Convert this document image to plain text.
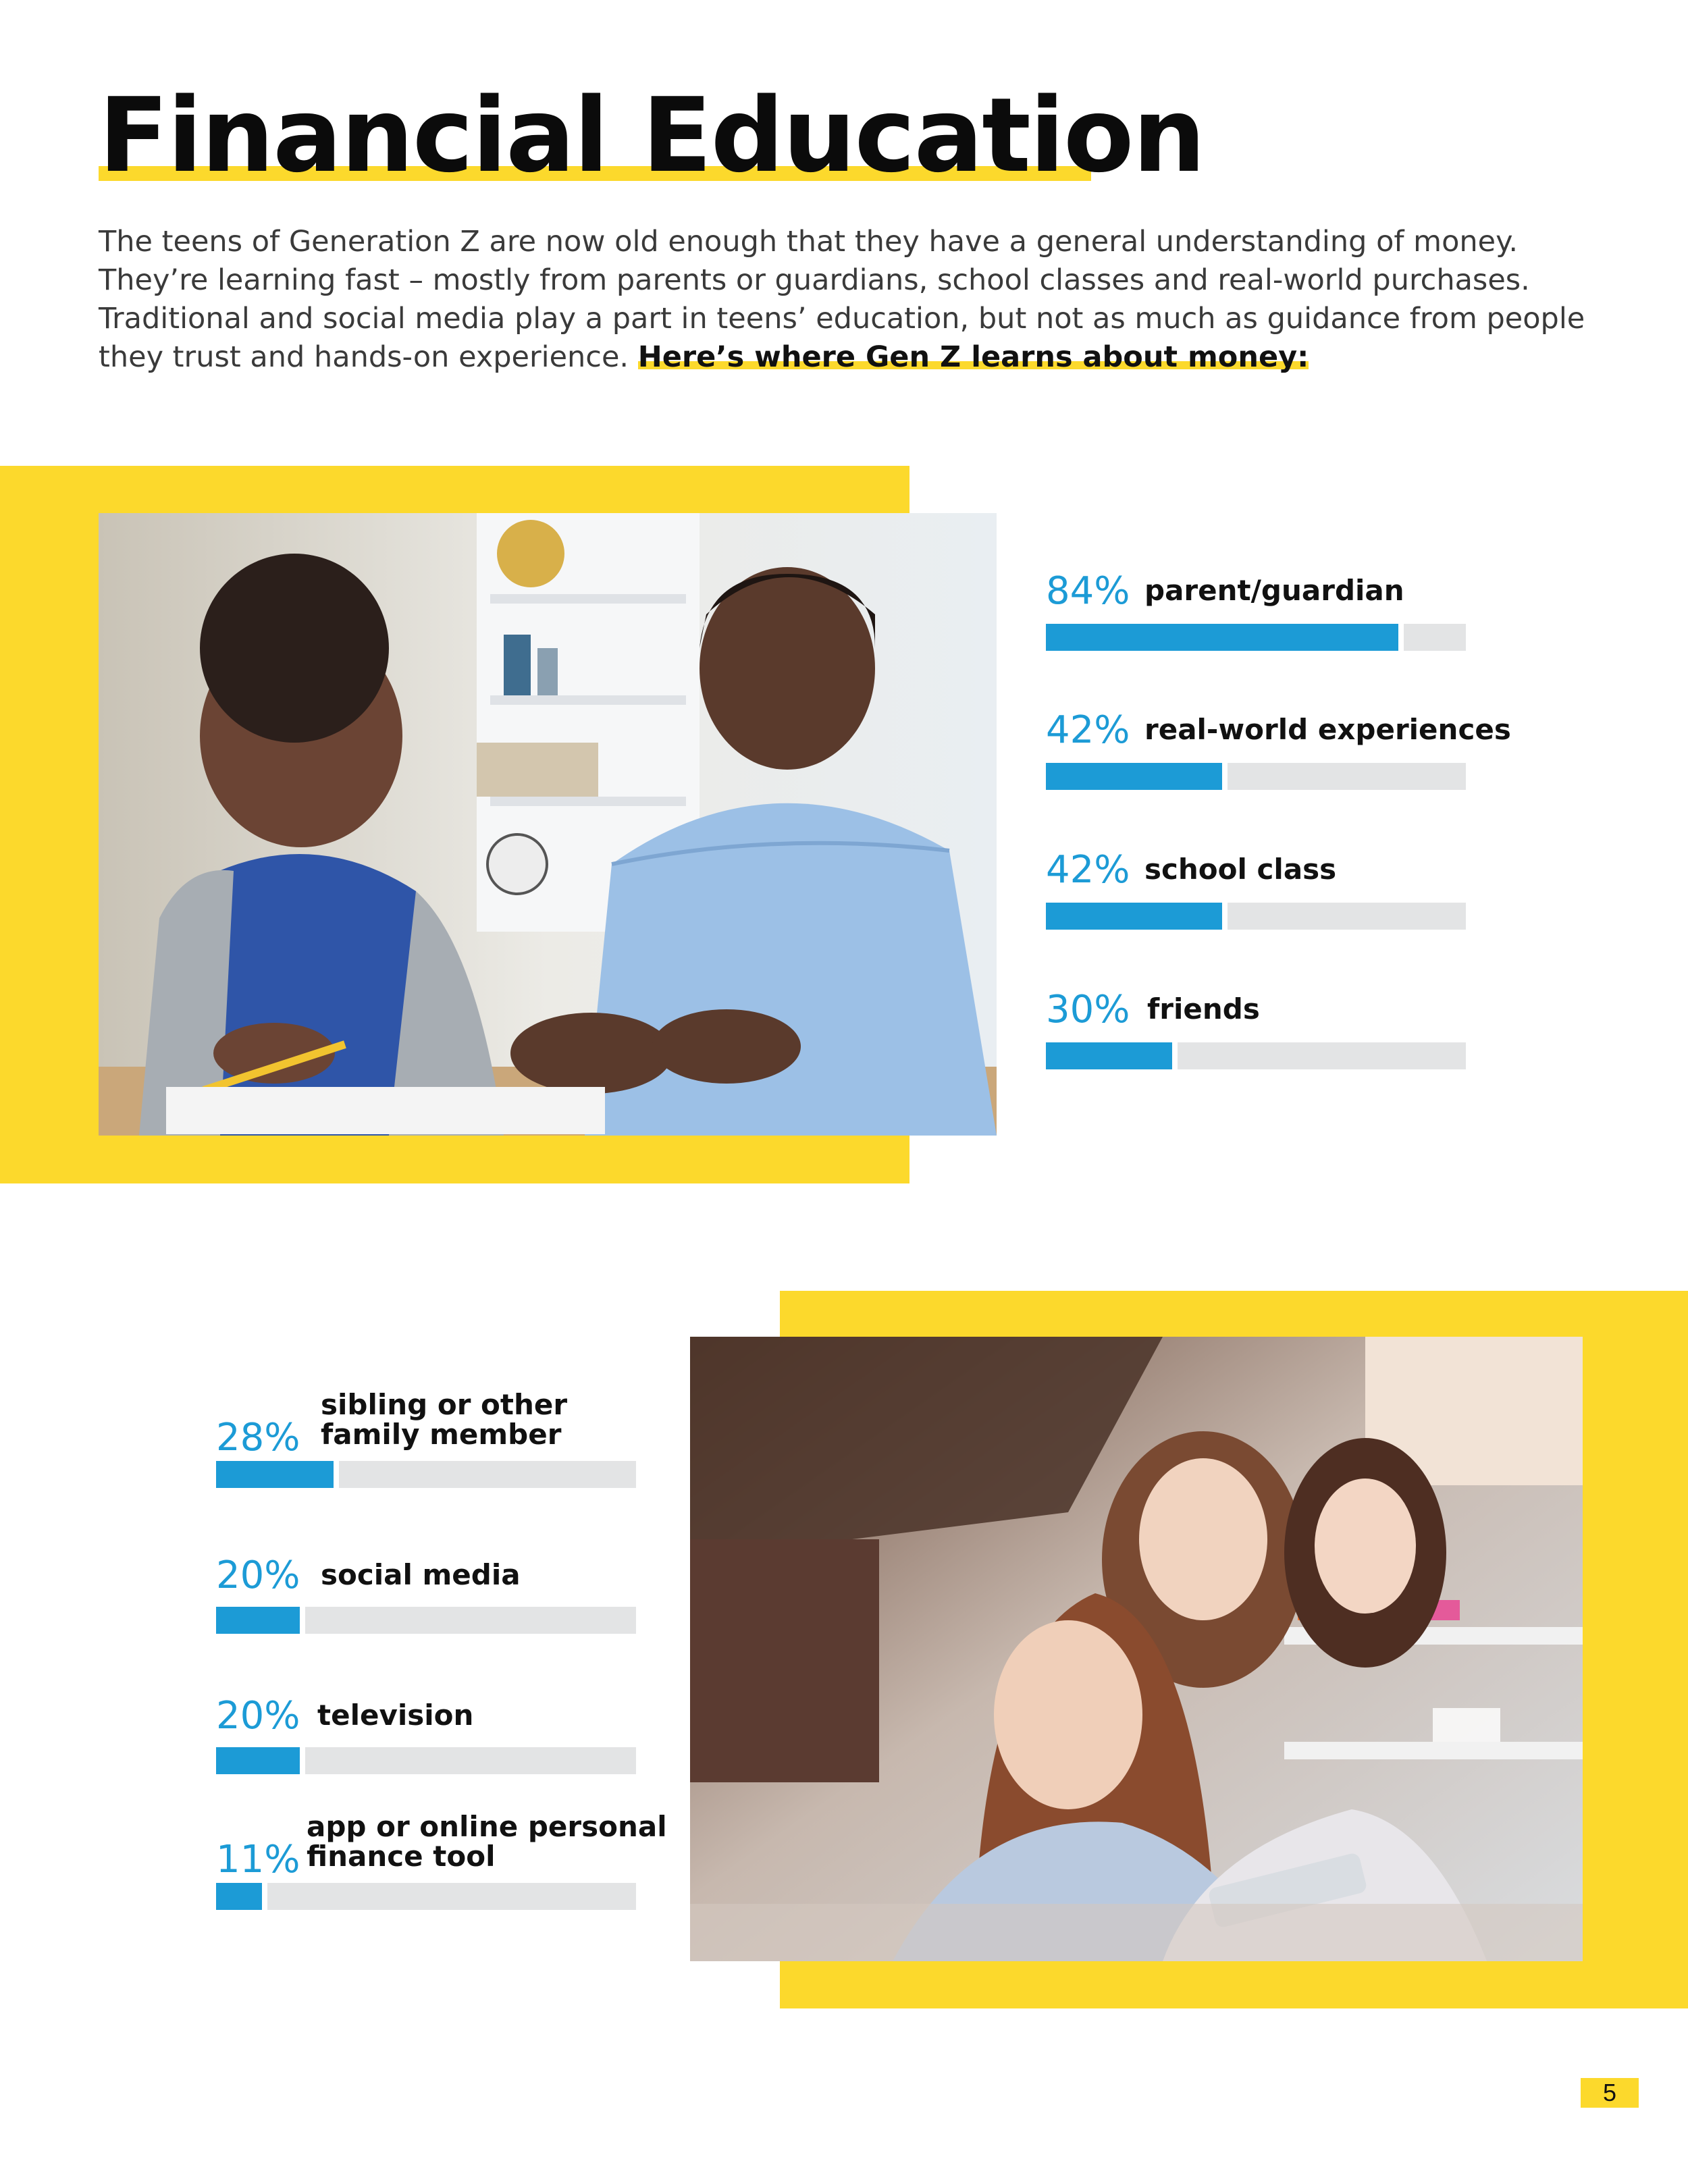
Financial Education

The teens of Generation Z are now old enough that they have a general understanding of money. They’re learning fast – mostly from parents or guardians, school classes and real-world purchases. Traditional and social media play a part in teens’ education, but not as much as guidance from people they trust and hands-on experience. Here’s where Gen Z learns about money:

84% parent/guardian
42% real-world experiences
42% school class
30% friends
28%
sibling or other
family member
20% social media
20% television
11%
app or online personal
finance tool
5
